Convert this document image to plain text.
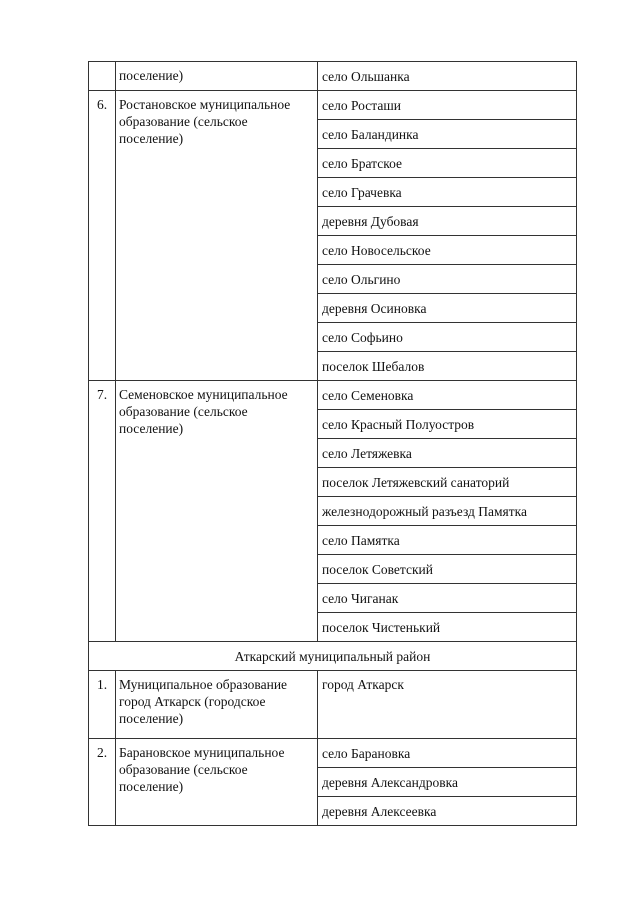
	поселение)	село Ольшанка
6.	Ростановское муниципальное образование (сельское поселение)	село Росташи
		село Баландинка
		село Братское
		село Грачевка
		деревня Дубовая
		село Новосельское
		село Ольгино
		деревня Осиновка
		село Софьино
		поселок Шебалов
7.	Семеновское муниципальное образование (сельское поселение)	село Семеновка
		село Красный Полуостров
		село Летяжевка
		поселок Летяжевский санаторий
		железнодорожный разъезд Памятка
		село Памятка
		поселок Советский
		село Чиганак
		поселок Чистенький
Аткарский муниципальный район		
1.	Муниципальное образование город Аткарск (городское поселение)	город Аткарск
2.	Барановское муниципальное образование (сельское поселение)	село Барановка
		деревня Александровка
		деревня Алексеевка
